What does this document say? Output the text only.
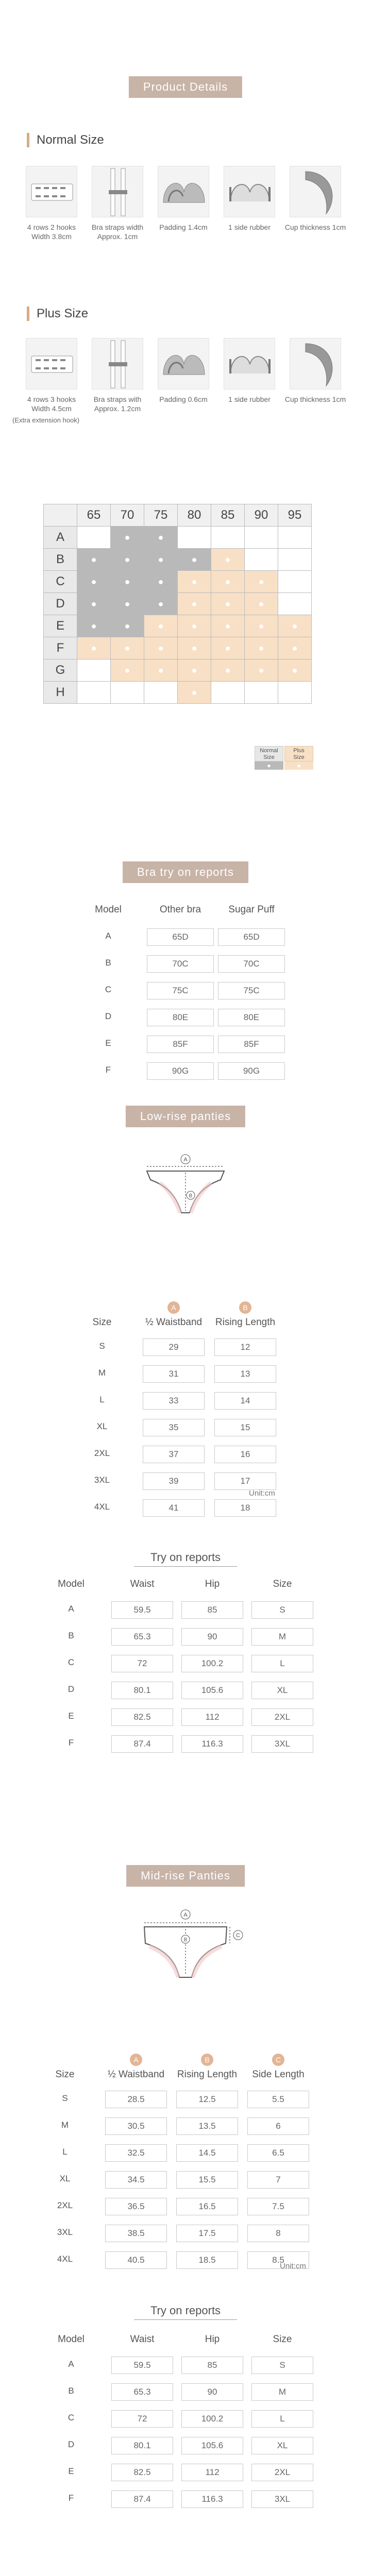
Product Details
Normal Size
4 rows 2 hooks
Width 3.8cm
Bra straps width
Approx. 1cm
Padding 1.4cm	1 side rubber	Cup thickness 1cm
Plus Size
4 rows 3 hooks
Width 4.5cm
Bra straps with
Approx. 1.2cm
Padding 0.6cm	1 side rubber	Cup thickness 1cm
(Extra extension hook)
	65	70	75	80	85	90	95
A		●	●				
B	●	●	●	●	●		
C	●	●	●	●	●	●	
D	●	●	●	●	●	●	
E	●	●	●	●	●	●	●
F	●	●	●	●	●	●	●
G		●	●	●	●	●	●
H				●			
Normal
Size
Plus
Size
●	●
Bra try on reports
Model	Other bra	Sugar Puff
A	65D	65D
B	70C	70C
C	75C	75C
D	80E	80E
E	85F	85F
F	90G	90G
Low-rise panties
A
B
Size	½ Waistband	Rising Length
S	29	12
M	31	13
L	33	14
XL	35	15
2XL	37	16
3XL	39	17
4XL	41	18
Unit:cm
Try on reports
Model	Waist	Hip	Size
A	59.5	85	S
B	65.3	90	M
C	72	100.2	L
D	80.1	105.6	XL
E	82.5	112	2XL
F	87.4	116.3	3XL
Mid-rise Panties
A
B
C
Size	½ Waistband	Rising Length	Side Length
S	28.5	12.5	5.5
M	30.5	13.5	6
L	32.5	14.5	6.5
XL	34.5	15.5	7
2XL	36.5	16.5	7.5
3XL	38.5	17.5	8
4XL	40.5	18.5	8.5
Unit:cm
Try on reports
Model	Waist	Hip	Size
A	59.5	85	S
B	65.3	90	M
C	72	100.2	L
D	80.1	105.6	XL
E	82.5	112	2XL
F	87.4	116.3	3XL
A	B
A	B	C
